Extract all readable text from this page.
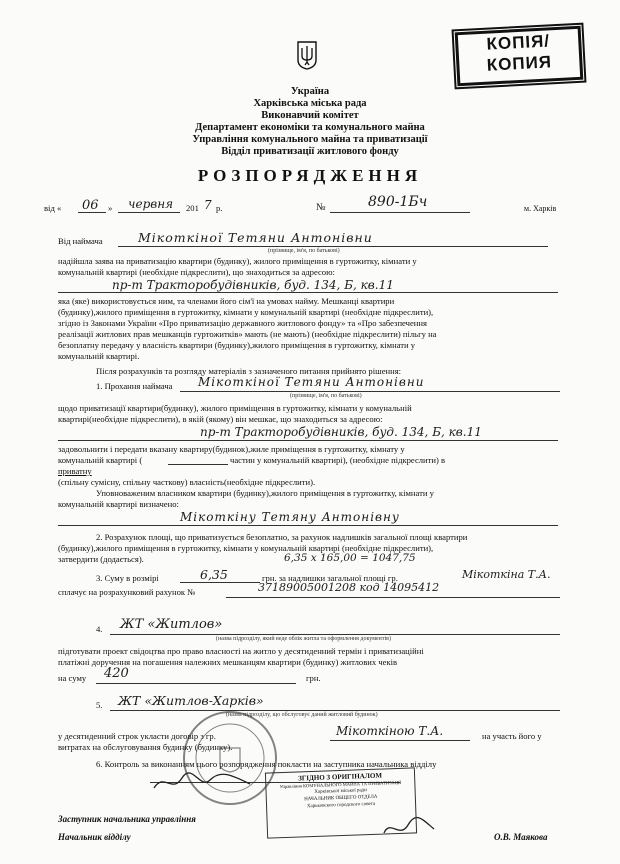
КОПІЯ/
КОПИЯ
Україна
Харківська міська рада
Виконавчий комітет
Департамент економіки та комунального майна
Управління комунального майна та приватизації
Відділ приватизації житлового фонду
РОЗПОРЯДЖЕННЯ
від « 06 » червня 201 7 р.	№	890-1Бч	м. Харків
Від наймача	Мікоткіної Тетяни Антонівни
(прізвище, ім'я, по батькові)
надійшла заява на приватизацію квартири (будинку), жилого приміщення в гуртожитку, кімнати у
комунальній квартирі (необхідне підкреслити), що знаходиться за адресою:
пр-т Тракторобудівників, буд. 134, Б, кв.11
яка (яке) використовується ним, та членами його сім'ї на умовах найму. Мешканці квартири
(будинку),жилого приміщення в гуртожитку, кімнати у комунальній квартирі (необхідне підкреслити),
згідно із Законами України «Про приватизацію державного житлового фонду» та «Про забезпечення
реалізації житлових прав мешканців гуртожитків» мають (не мають) (необхідне підкреслити) пільгу на
безоплатну передачу у власність квартири (будинку),жилого приміщення в гуртожитку, кімнати у
комунальній квартирі.
Після розрахунків та розгляду матеріалів з зазначеного питання прийнято рішення:
1. Прохання наймача Мікоткіної Тетяни Антонівни
(прізвище, ім'я, по батькові)
щодо приватизації квартири(будинку), жилого приміщення в гуртожитку, кімнати у комунальній
квартирі(необхідне підкреслити), в якій (якому) він мешкає, що знаходиться за адресою:
пр-т Тракторобудівників, буд. 134, Б, кв.11
задовольнити і передати вказану квартиру(будинок),жиле приміщення в гуртожитку, кімнату у
комунальній квартирі (	частин у комунальній квартирі), (необхідне підкреслити) в
приватну
(спільну сумісну, спільну часткову) власність(необхідне підкреслити).
Уповноваженим власником квартири (будинку),жилого приміщення в гуртожитку, кімнати у
комунальній квартирі визначено:
Мікоткіну Тетяну Антонівну
2. Розрахунок площі, що приватизується безоплатно, за рахунок надлишків загальної площі квартири
(будинку),жилого приміщення в гуртожитку, кімнати у комунальній квартирі (необхідне підкреслити),
затвердити (додається).	6,35 х 165,00 = 1047,75
3. Суму в розмірі	6,35	грн. за надлишки загальної площі гр.	Мікоткіна Т.А.
сплачує на розрахунковий рахунок №	37189005001208 код 14095412
4. ЖТ «Житлов»
(назва підрозділу, який веде облік житла та оформлення документів)
підготувати проект свідоцтва про право власності на житло у десятиденний термін і приватизаційні
платіжні доручення на погашення належних мешканцям квартири (будинку) житлових чеків
на суму 420	грн.
5. ЖТ «Житлов-Харків»
(назва підрозділу, що обслуговує даний житловий будинок)
у десятиденний строк укласти договір з гр.	Мікоткіною Т.А.	на участь його у
витратах на обслуговування будинку (будинку).
6. Контроль за виконанням цього розпорядження покласти на заступника начальника відділу
Заступник начальника управління
Начальник відділу	О.В. Маякова
ЗГІДНО З ОРИГІНАЛОМ
Управління КОМУНАЛЬНОГО МАЙНА ТА ПРИВАТИЗАЦІЇ
Харківської міської ради
НАЧАЛЬНИК ОБЩЕГО ОТДЕЛА
Харьковского городского совета
